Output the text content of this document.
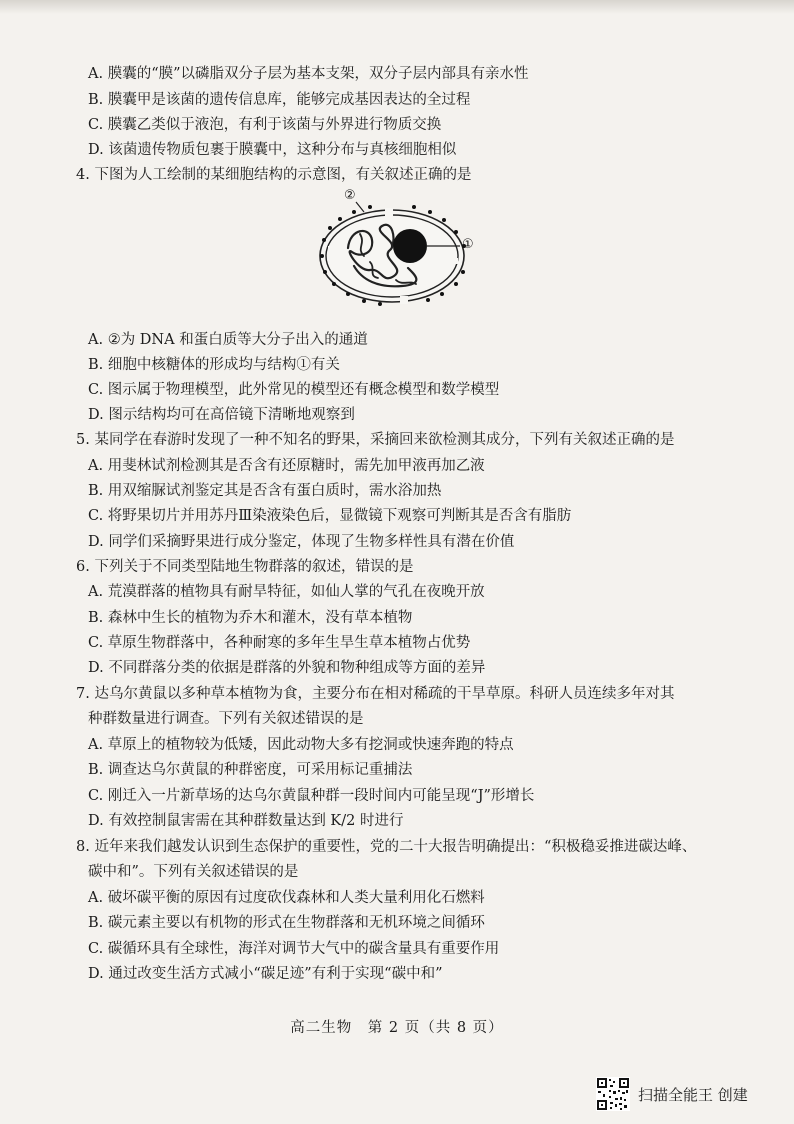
A. 膜囊的“膜”以磷脂双分子层为基本支架，双分子层内部具有亲水性
B. 膜囊甲是该菌的遗传信息库，能够完成基因表达的全过程
C. 膜囊乙类似于液泡，有利于该菌与外界进行物质交换
D. 该菌遗传物质包裹于膜囊中，这种分布与真核细胞相似
4. 下图为人工绘制的某细胞结构的示意图，有关叙述正确的是
①
②
A. ②为 DNA 和蛋白质等大分子出入的通道
B. 细胞中核糖体的形成均与结构①有关
C. 图示属于物理模型，此外常见的模型还有概念模型和数学模型
D. 图示结构均可在高倍镜下清晰地观察到
5. 某同学在春游时发现了一种不知名的野果，采摘回来欲检测其成分，下列有关叙述正确的是
A. 用斐林试剂检测其是否含有还原糖时，需先加甲液再加乙液
B. 用双缩脲试剂鉴定其是否含有蛋白质时，需水浴加热
C. 将野果切片并用苏丹Ⅲ染液染色后，显微镜下观察可判断其是否含有脂肪
D. 同学们采摘野果进行成分鉴定，体现了生物多样性具有潜在价值
6. 下列关于不同类型陆地生物群落的叙述，错误的是
A. 荒漠群落的植物具有耐旱特征，如仙人掌的气孔在夜晚开放
B. 森林中生长的植物为乔木和灌木，没有草本植物
C. 草原生物群落中，各种耐寒的多年生旱生草本植物占优势
D. 不同群落分类的依据是群落的外貌和物种组成等方面的差异
7. 达乌尔黄鼠以多种草本植物为食，主要分布在相对稀疏的干旱草原。科研人员连续多年对其
种群数量进行调查。下列有关叙述错误的是
A. 草原上的植物较为低矮，因此动物大多有挖洞或快速奔跑的特点
B. 调查达乌尔黄鼠的种群密度，可采用标记重捕法
C. 刚迁入一片新草场的达乌尔黄鼠种群一段时间内可能呈现“J”形增长
D. 有效控制鼠害需在其种群数量达到 K/2 时进行
8. 近年来我们越发认识到生态保护的重要性，党的二十大报告明确提出：“积极稳妥推进碳达峰、
碳中和”。下列有关叙述错误的是
A. 破坏碳平衡的原因有过度砍伐森林和人类大量利用化石燃料
B. 碳元素主要以有机物的形式在生物群落和无机环境之间循环
C. 碳循环具有全球性，海洋对调节大气中的碳含量具有重要作用
D. 通过改变生活方式减小“碳足迹”有利于实现“碳中和”
高二生物　第 2 页（共 8 页）
扫描全能王 创建
